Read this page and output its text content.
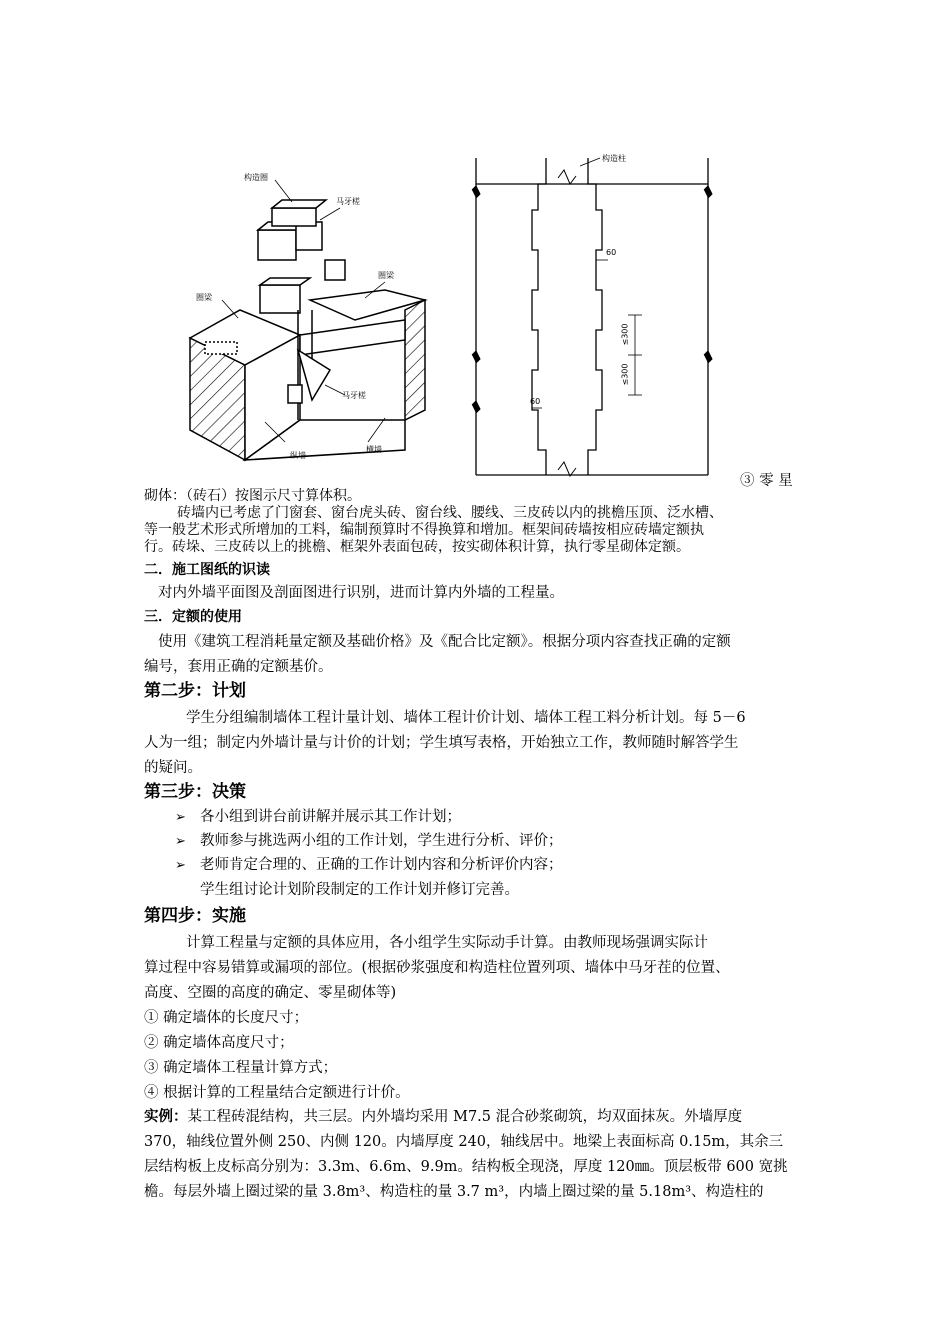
构造圈
马牙槎
圈梁
圈梁
马牙槎
纵墙
横墙
构造柱
60
≤300
≤300
60
③ 零 星
砌体：（砖石）按图示尺寸算体积。
砖墙内已考虑了门窗套、窗台虎头砖、窗台线、腰线、三皮砖以内的挑檐压顶、泛水槽、
等一般艺术形式所增加的工料，编制预算时不得换算和增加。框架间砖墙按相应砖墙定额执
行。砖垛、三皮砖以上的挑檐、框架外表面包砖，按实砌体积计算，执行零星砌体定额。
二．施工图纸的识读
对内外墙平面图及剖面图进行识别，进而计算内外墙的工程量。
三．定额的使用
使用《建筑工程消耗量定额及基础价格》及《配合比定额》。根据分项内容查找正确的定额
编号，套用正确的定额基价。
第二步：计划
学生分组编制墙体工程计量计划、墙体工程计价计划、墙体工程工料分析计划。每 5－6
人为一组；制定内外墙计量与计价的计划；学生填写表格，开始独立工作，教师随时解答学生
的疑问。
第三步：决策
➢ 各小组到讲台前讲解并展示其工作计划；
➢ 教师参与挑选两小组的工作计划，学生进行分析、评价；
➢ 老师肯定合理的、正确的工作计划内容和分析评价内容；
学生组讨论计划阶段制定的工作计划并修订完善。
第四步：实施
计算工程量与定额的具体应用，各小组学生实际动手计算。由教师现场强调实际计
算过程中容易错算或漏项的部位。(根据砂浆强度和构造柱位置列项、墙体中马牙茬的位置、
高度、空圈的高度的确定、零星砌体等)
① 确定墙体的长度尺寸；
② 确定墙体高度尺寸；
③ 确定墙体工程量计算方式；
④ 根据计算的工程量结合定额进行计价。
实例：某工程砖混结构，共三层。内外墙均采用 M7.5 混合砂浆砌筑，均双面抹灰。外墙厚度
370，轴线位置外侧 250、内侧 120。内墙厚度 240，轴线居中。地梁上表面标高 0.15m，其余三
层结构板上皮标高分别为：3.3m、6.6m、9.9m。结构板全现浇，厚度 120㎜。顶层板带 600 宽挑
檐。每层外墙上圈过梁的量 3.8m³、构造柱的量 3.7 m³，内墙上圈过梁的量 5.18m³、构造柱的
